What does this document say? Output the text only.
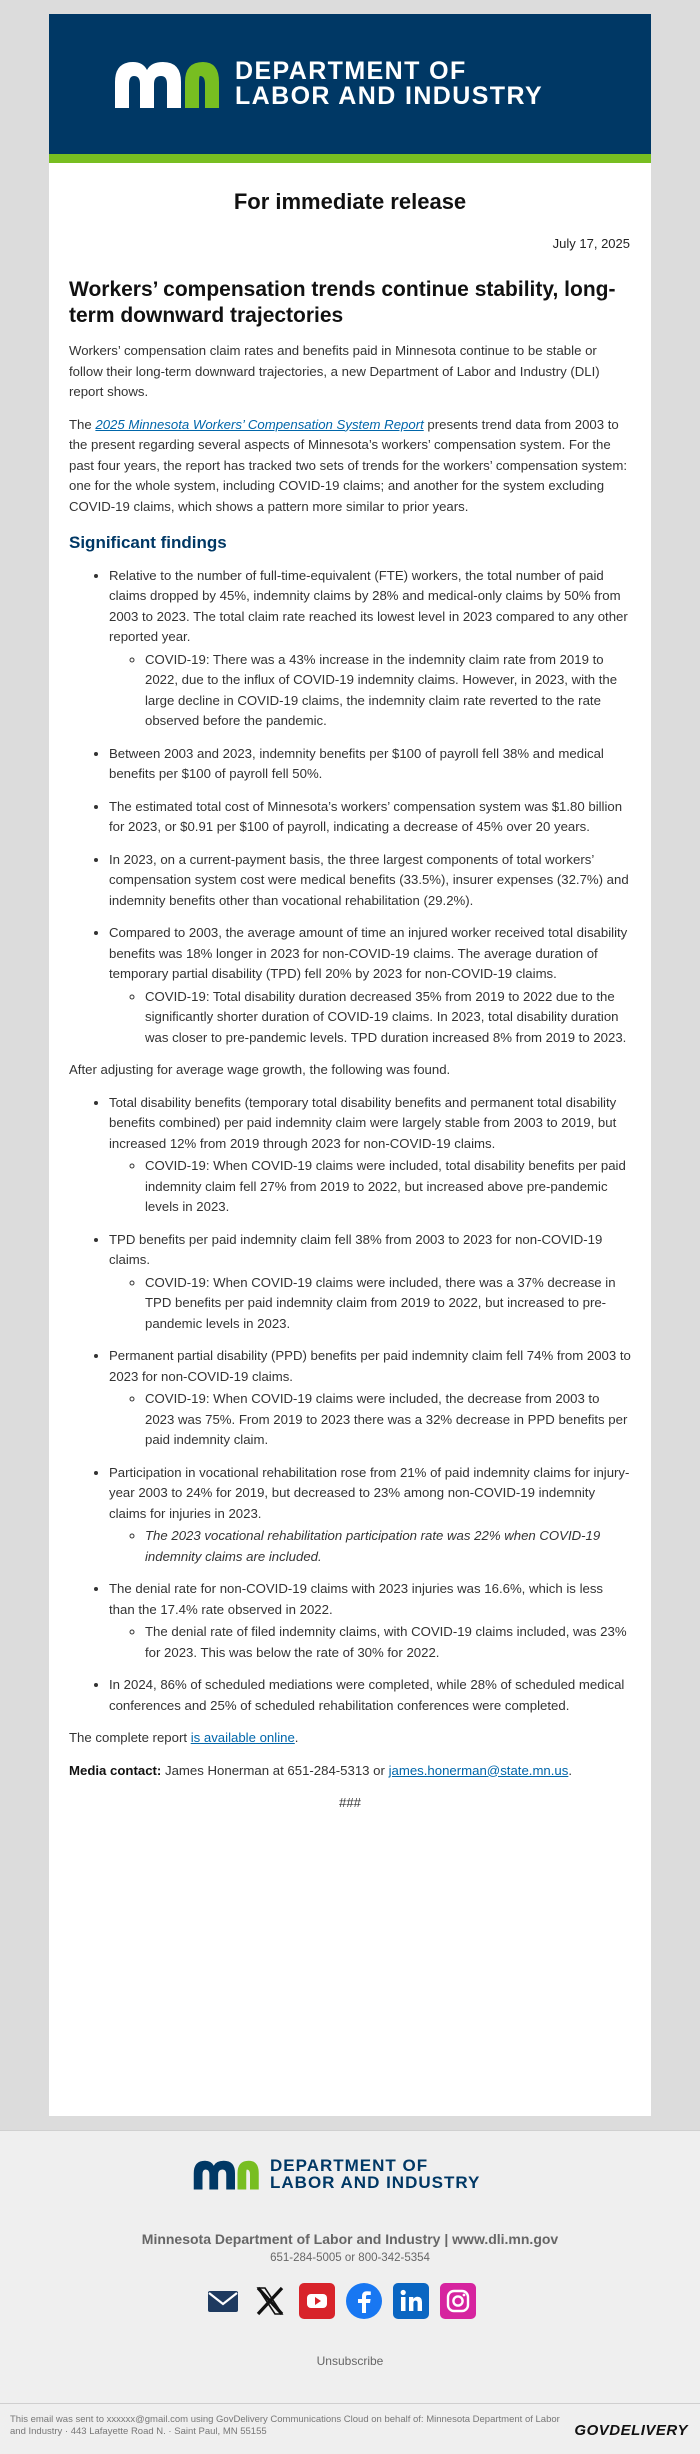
DEPARTMENT OF
LABOR AND INDUSTRY
For immediate release
July 17, 2025
Workers’ compensation trends continue stability, long-term downward trajectories
Workers’ compensation claim rates and benefits paid in Minnesota continue to be stable or follow their long-term downward trajectories, a new Department of Labor and Industry (DLI) report shows.
The 2025 Minnesota Workers’ Compensation System Report presents trend data from 2003 to the present regarding several aspects of Minnesota’s workers’ compensation system. For the past four years, the report has tracked two sets of trends for the workers’ compensation system: one for the whole system, including COVID-19 claims; and another for the system excluding COVID-19 claims, which shows a pattern more similar to prior years.
Significant findings
• Relative to the number of full-time-equivalent (FTE) workers, the total number of paid claims dropped by 45%, indemnity claims by 28% and medical-only claims by 50% from 2003 to 2023. The total claim rate reached its lowest level in 2023 compared to any other reported year.
◦ COVID-19: There was a 43% increase in the indemnity claim rate from 2019 to 2022, due to the influx of COVID-19 indemnity claims. However, in 2023, with the large decline in COVID-19 claims, the indemnity claim rate reverted to the rate observed before the pandemic.
• Between 2003 and 2023, indemnity benefits per $100 of payroll fell 38% and medical benefits per $100 of payroll fell 50%.
• The estimated total cost of Minnesota’s workers’ compensation system was $1.80 billion for 2023, or $0.91 per $100 of payroll, indicating a decrease of 45% over 20 years.
• In 2023, on a current-payment basis, the three largest components of total workers’ compensation system cost were medical benefits (33.5%), insurer expenses (32.7%) and indemnity benefits other than vocational rehabilitation (29.2%).
• Compared to 2003, the average amount of time an injured worker received total disability benefits was 18% longer in 2023 for non-COVID-19 claims. The average duration of temporary partial disability (TPD) fell 20% by 2023 for non-COVID-19 claims.
◦ COVID-19: Total disability duration decreased 35% from 2019 to 2022 due to the significantly shorter duration of COVID-19 claims. In 2023, total disability duration was closer to pre-pandemic levels. TPD duration increased 8% from 2019 to 2023.
After adjusting for average wage growth, the following was found.
• Total disability benefits (temporary total disability benefits and permanent total disability benefits combined) per paid indemnity claim were largely stable from 2003 to 2019, but increased 12% from 2019 through 2023 for non-COVID-19 claims.
◦ COVID-19: When COVID-19 claims were included, total disability benefits per paid indemnity claim fell 27% from 2019 to 2022, but increased above pre-pandemic levels in 2023.
• TPD benefits per paid indemnity claim fell 38% from 2003 to 2023 for non-COVID-19 claims.
◦ COVID-19: When COVID-19 claims were included, there was a 37% decrease in TPD benefits per paid indemnity claim from 2019 to 2022, but increased to pre-pandemic levels in 2023.
• Permanent partial disability (PPD) benefits per paid indemnity claim fell 74% from 2003 to 2023 for non-COVID-19 claims.
◦ COVID-19: When COVID-19 claims were included, the decrease from 2003 to 2023 was 75%. From 2019 to 2023 there was a 32% decrease in PPD benefits per paid indemnity claim.
• Participation in vocational rehabilitation rose from 21% of paid indemnity claims for injury-year 2003 to 24% for 2019, but decreased to 23% among non-COVID-19 indemnity claims for injuries in 2023.
◦ The 2023 vocational rehabilitation participation rate was 22% when COVID-19 indemnity claims are included.
• The denial rate for non-COVID-19 claims with 2023 injuries was 16.6%, which is less than the 17.4% rate observed in 2022.
◦ The denial rate of filed indemnity claims, with COVID-19 claims included, was 23% for 2023. This was below the rate of 30% for 2022.
• In 2024, 86% of scheduled mediations were completed, while 28% of scheduled medical conferences and 25% of scheduled rehabilitation conferences were completed.
The complete report is available online.
Media contact: James Honerman at 651-284-5313 or james.honerman@state.mn.us.
###
DEPARTMENT OF
LABOR AND INDUSTRY
Minnesota Department of Labor and Industry | www.dli.mn.gov
651-284-5005 or 800-342-5354
Unsubscribe
This email was sent to xxxxxx@gmail.com using GovDelivery Communications Cloud on behalf of: Minnesota Department of Labor and Industry · 443 Lafayette Road N. · Saint Paul, MN 55155	GOVDELIVERY
